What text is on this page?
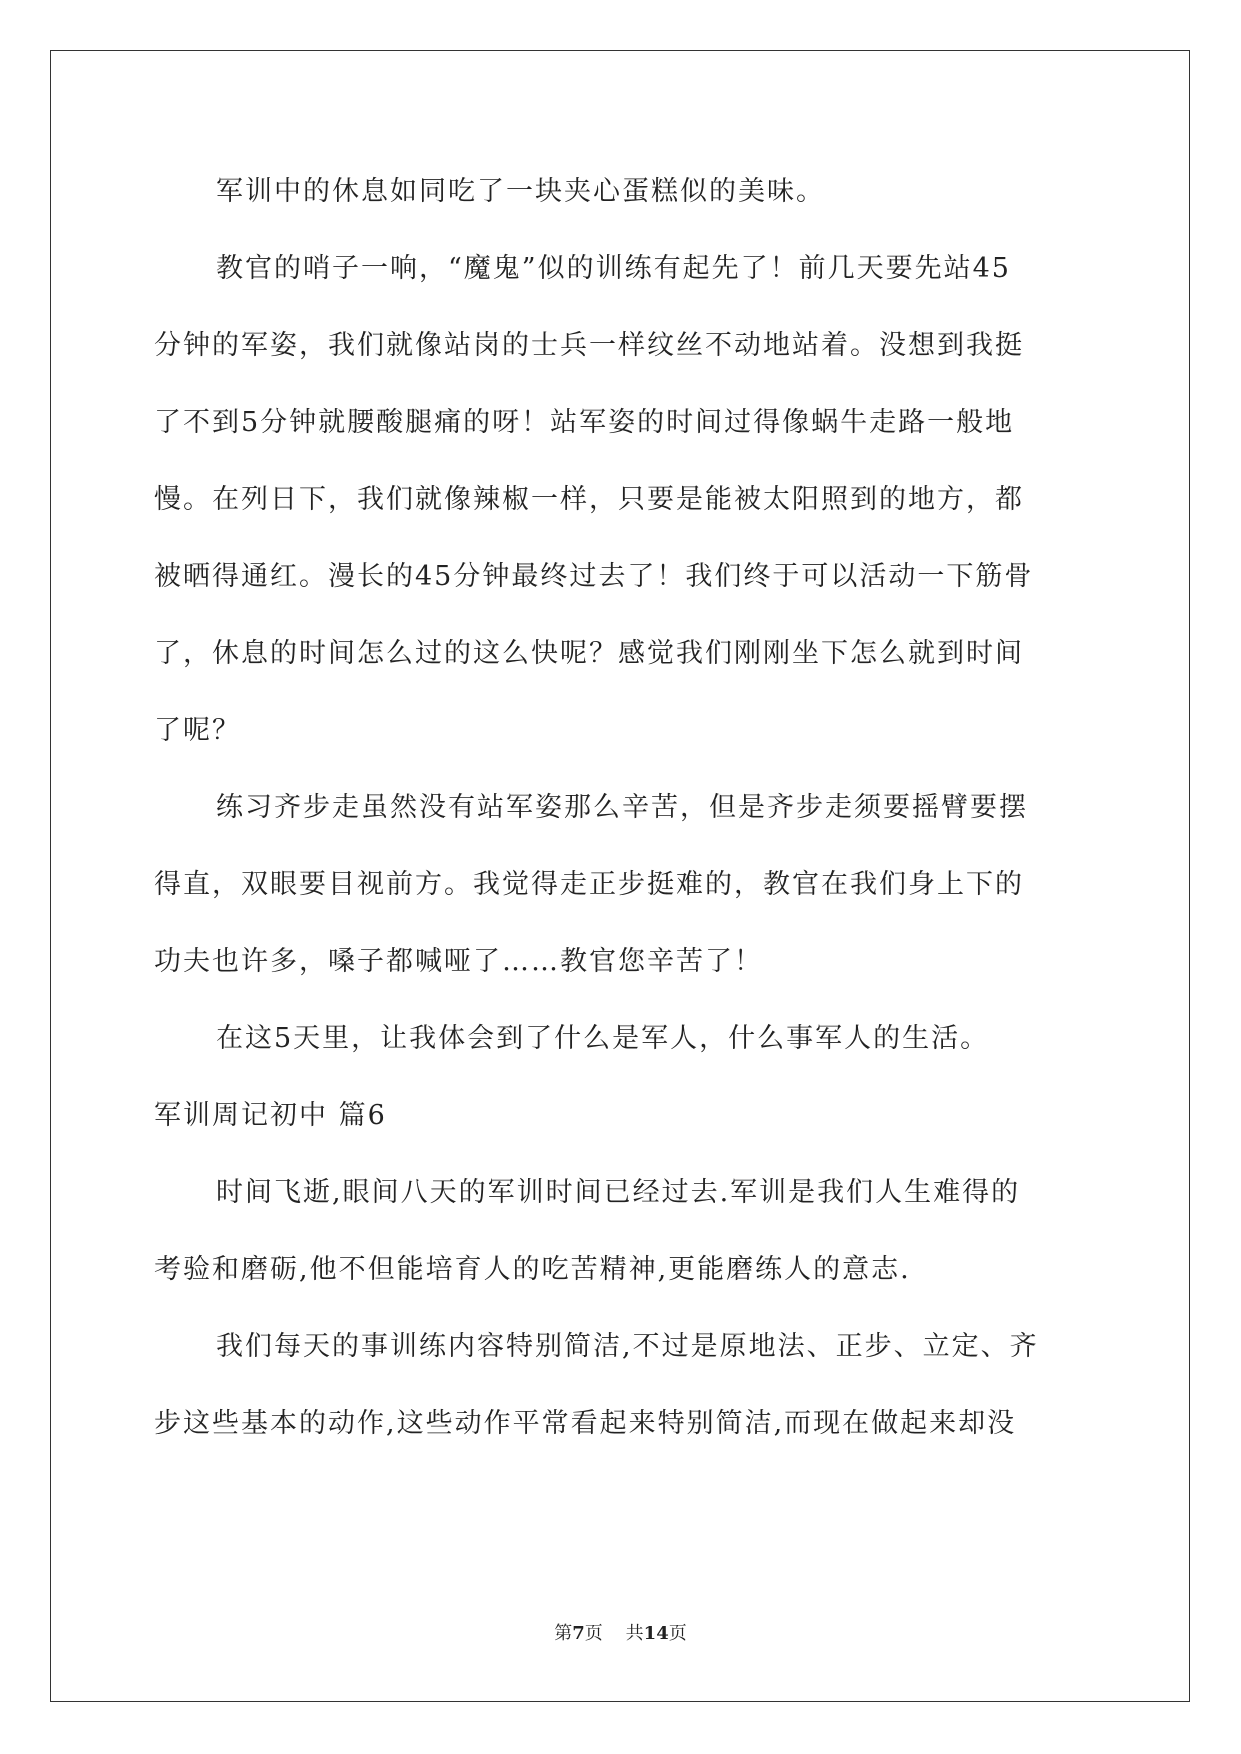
军训中的休息如同吃了一块夹心蛋糕似的美味。
教官的哨子一响，“魔鬼”似的训练有起先了！前几天要先站45
分钟的军姿，我们就像站岗的士兵一样纹丝不动地站着。没想到我挺
了不到5分钟就腰酸腿痛的呀！站军姿的时间过得像蜗牛走路一般地
慢。在列日下，我们就像辣椒一样，只要是能被太阳照到的地方，都
被晒得通红。漫长的45分钟最终过去了！我们终于可以活动一下筋骨
了，休息的时间怎么过的这么快呢？感觉我们刚刚坐下怎么就到时间
了呢？
练习齐步走虽然没有站军姿那么辛苦，但是齐步走须要摇臂要摆
得直，双眼要目视前方。我觉得走正步挺难的，教官在我们身上下的
功夫也许多，嗓子都喊哑了……教官您辛苦了！
在这5天里，让我体会到了什么是军人，什么事军人的生活。
军训周记初中 篇6
时间飞逝,眼间八天的军训时间已经过去.军训是我们人生难得的
考验和磨砺,他不但能培育人的吃苦精神,更能磨练人的意志.
我们每天的事训练内容特别简洁,不过是原地法、正步、立定、齐
步这些基本的动作,这些动作平常看起来特别简洁,而现在做起来却没
第7页 共14页
